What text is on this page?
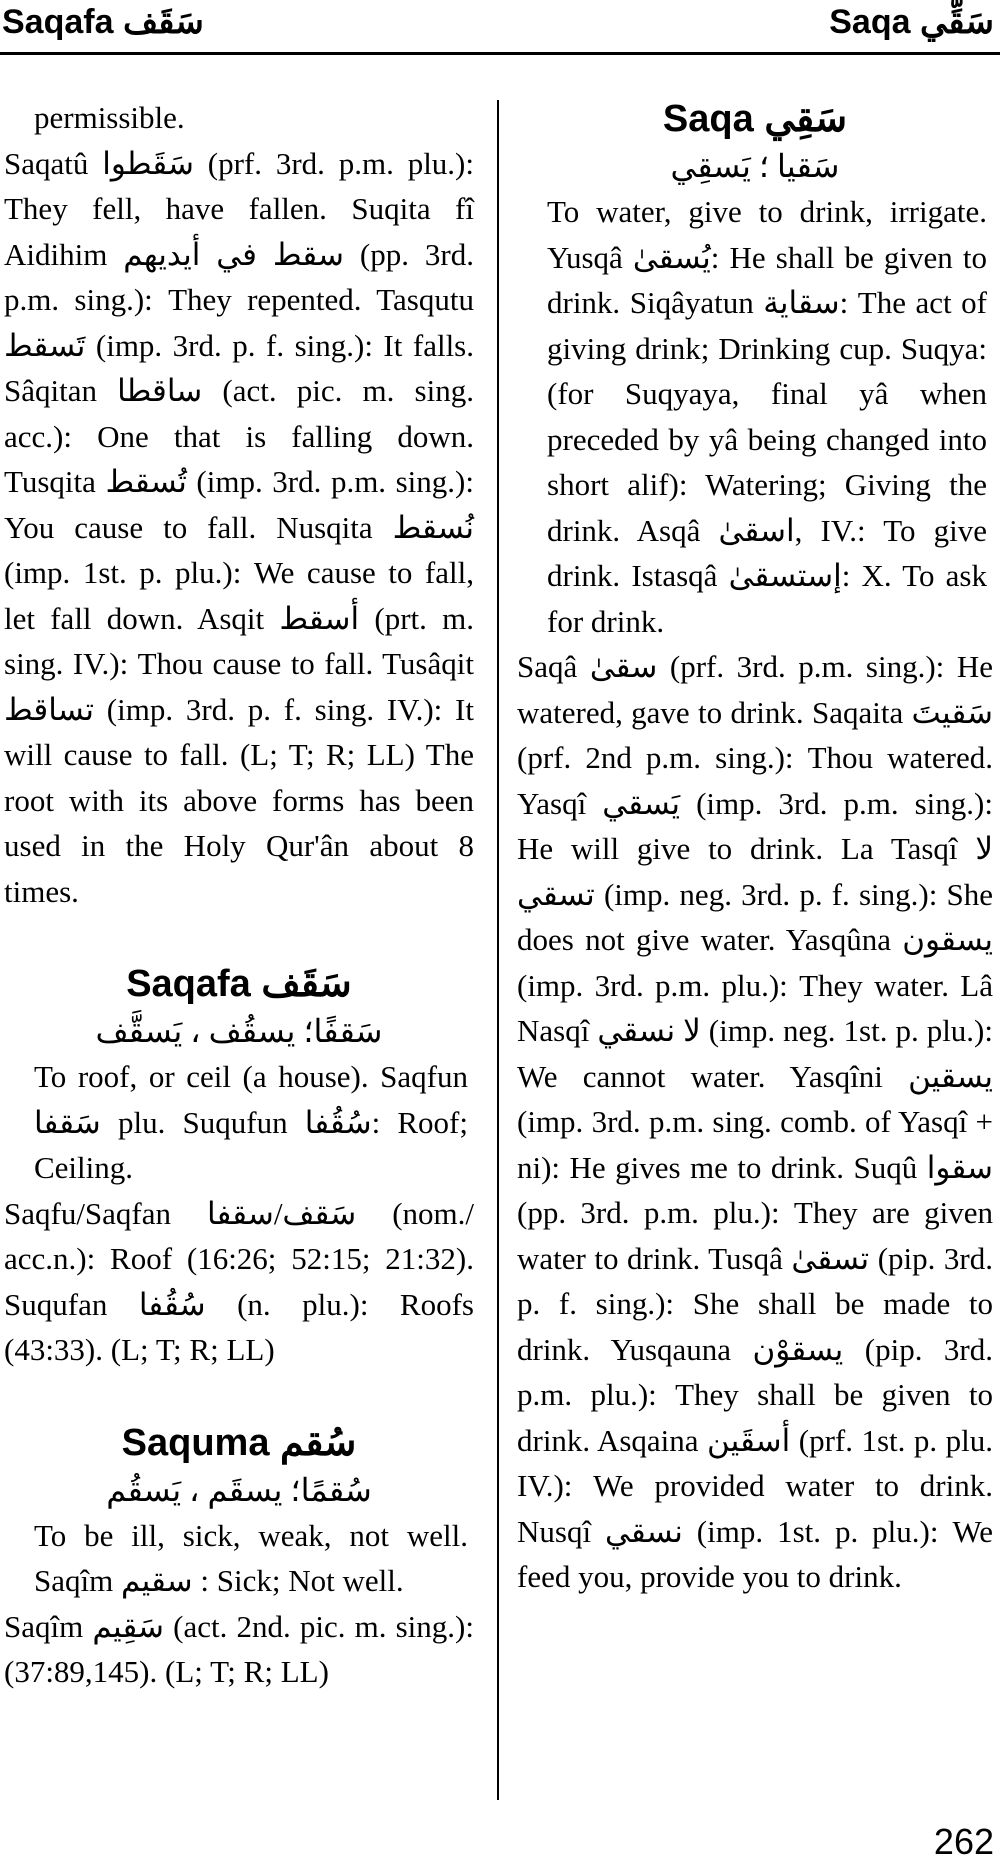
Saqafa سَقَف	Saqa سَقِّي

permissible.

Saqatû سَقَطوا (prf. 3rd. p.m. plu.): They fell, have fallen. Suqita fî Aidihim سقط في أيديهم (pp. 3rd. p.m. sing.): They repented. Tasqutu تَسقط (imp. 3rd. p. f. sing.): It falls. Sâqitan ساقطا (act. pic. m. sing. acc.): One that is falling down. Tusqita تُسقط (imp. 3rd. p.m. sing.): You cause to fall. Nusqita نُسقط (imp. 1st. p. plu.): We cause to fall, let fall down. Asqit أسقط (prt. m. sing. IV.): Thou cause to fall. Tusâqit تساقط (imp. 3rd. p. f. sing. IV.): It will cause to fall. (L; T; R; LL) The root with its above forms has been used in the Holy Qur'ân about 8 times.

Saqafa سَقَف
سَقفًا؛ يسقُف ، يَسقَّف

To roof, or ceil (a house). Saqfun سَقفا plu. Suqufun سُقُفا: Roof; Ceiling.

Saqfu/Saqfan سَقف/سقفا (nom./ acc.n.): Roof (16:26; 52:15; 21:32). Suqufan سُقُفا (n. plu.): Roofs (43:33). (L; T; R; LL)

Saquma سُقم
سُقمًا؛ يسقَم ، يَسقُم

To be ill, sick, weak, not well. Saqîm سقيم : Sick; Not well.

Saqîm سَقِيم (act. 2nd. pic. m. sing.): (37:89,145). (L; T; R; LL)

Saqa سَقِي
سَقيا ؛ يَسقِي

To water, give to drink, irrigate. Yusqâ يُسقىٰ: He shall be given to drink. Siqâyatun سقاية: The act of giving drink; Drinking cup. Suqya: (for Suqyaya, final yâ when preceded by yâ being changed into short alif): Watering; Giving the drink. Asqâ اسقىٰ, IV.: To give drink. Istasqâ إستسقىٰ: X. To ask for drink.

Saqâ سقىٰ (prf. 3rd. p.m. sing.): He watered, gave to drink. Saqaita سَقيتَ (prf. 2nd p.m. sing.): Thou watered. Yasqî يَسقي (imp. 3rd. p.m. sing.): He will give to drink. La Tasqî لا تسقي (imp. neg. 3rd. p. f. sing.): She does not give water. Yasqûna يسقون (imp. 3rd. p.m. plu.): They water. Lâ Nasqî لا نسقي (imp. neg. 1st. p. plu.): We cannot water. Yasqîni يسقين (imp. 3rd. p.m. sing. comb. of Yasqî + ni): He gives me to drink. Suqû سقوا (pp. 3rd. p.m. plu.): They are given water to drink. Tusqâ تسقىٰ (pip. 3rd. p. f. sing.): She shall be made to drink. Yusqauna يسقوْن (pip. 3rd. p.m. plu.): They shall be given to drink. Asqaina أسقَين (prf. 1st. p. plu. IV.): We provided water to drink. Nusqî نسقي (imp. 1st. p. plu.): We feed you, provide you to drink.

262
